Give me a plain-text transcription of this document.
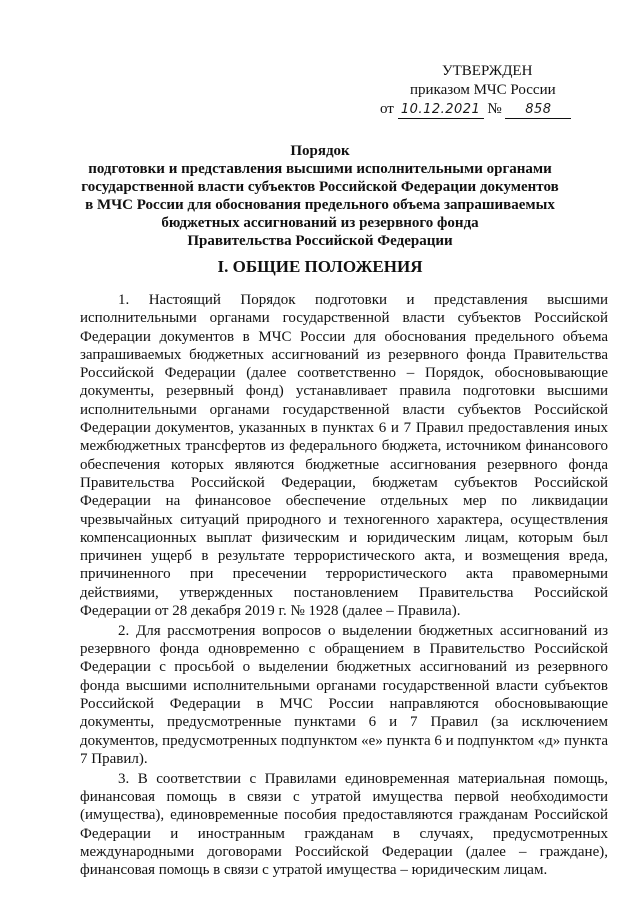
УТВЕРЖДЕН
приказом МЧС России
от 10.12.2021 № 858
Порядок
подготовки и представления высшими исполнительными органами
государственной власти субъектов Российской Федерации документов
в МЧС России для обоснования предельного объема запрашиваемых
бюджетных ассигнований из резервного фонда
Правительства Российской Федерации
I. ОБЩИЕ ПОЛОЖЕНИЯ

1. Настоящий Порядок подготовки и представления высшими исполнительными органами государственной власти субъектов Российской Федерации документов в МЧС России для обоснования предельного объема запрашиваемых бюджетных ассигнований из резервного фонда Правительства Российской Федерации (далее соответственно – Порядок, обосновывающие документы, резервный фонд) устанавливает правила подготовки высшими исполнительными органами государственной власти субъектов Российской Федерации документов, указанных в пунктах 6 и 7 Правил предоставления иных межбюджетных трансфертов из федерального бюджета, источником финансового обеспечения которых являются бюджетные ассигнования резервного фонда Правительства Российской Федерации, бюджетам субъектов Российской Федерации на финансовое обеспечение отдельных мер по ликвидации чрезвычайных ситуаций природного и техногенного характера, осуществления компенсационных выплат физическим и юридическим лицам, которым был причинен ущерб в результате террористического акта, и возмещения вреда, причиненного при пресечении террористического акта правомерными действиями, утвержденных постановлением Правительства Российской Федерации от 28 декабря 2019 г. № 1928 (далее – Правила).

2. Для рассмотрения вопросов о выделении бюджетных ассигнований из резервного фонда одновременно с обращением в Правительство Российской Федерации с просьбой о выделении бюджетных ассигнований из резервного фонда высшими исполнительными органами государственной власти субъектов Российской Федерации в МЧС России направляются обосновывающие документы, предусмотренные пунктами 6 и 7 Правил (за исключением документов, предусмотренных подпунктом «е» пункта 6 и подпунктом «д» пункта 7 Правил).

3. В соответствии с Правилами единовременная материальная помощь, финансовая помощь в связи с утратой имущества первой необходимости (имущества), единовременные пособия предоставляются гражданам Российской Федерации и иностранным гражданам в случаях, предусмотренных международными договорами Российской Федерации (далее – граждане), финансовая помощь в связи с утратой имущества – юридическим лицам.
